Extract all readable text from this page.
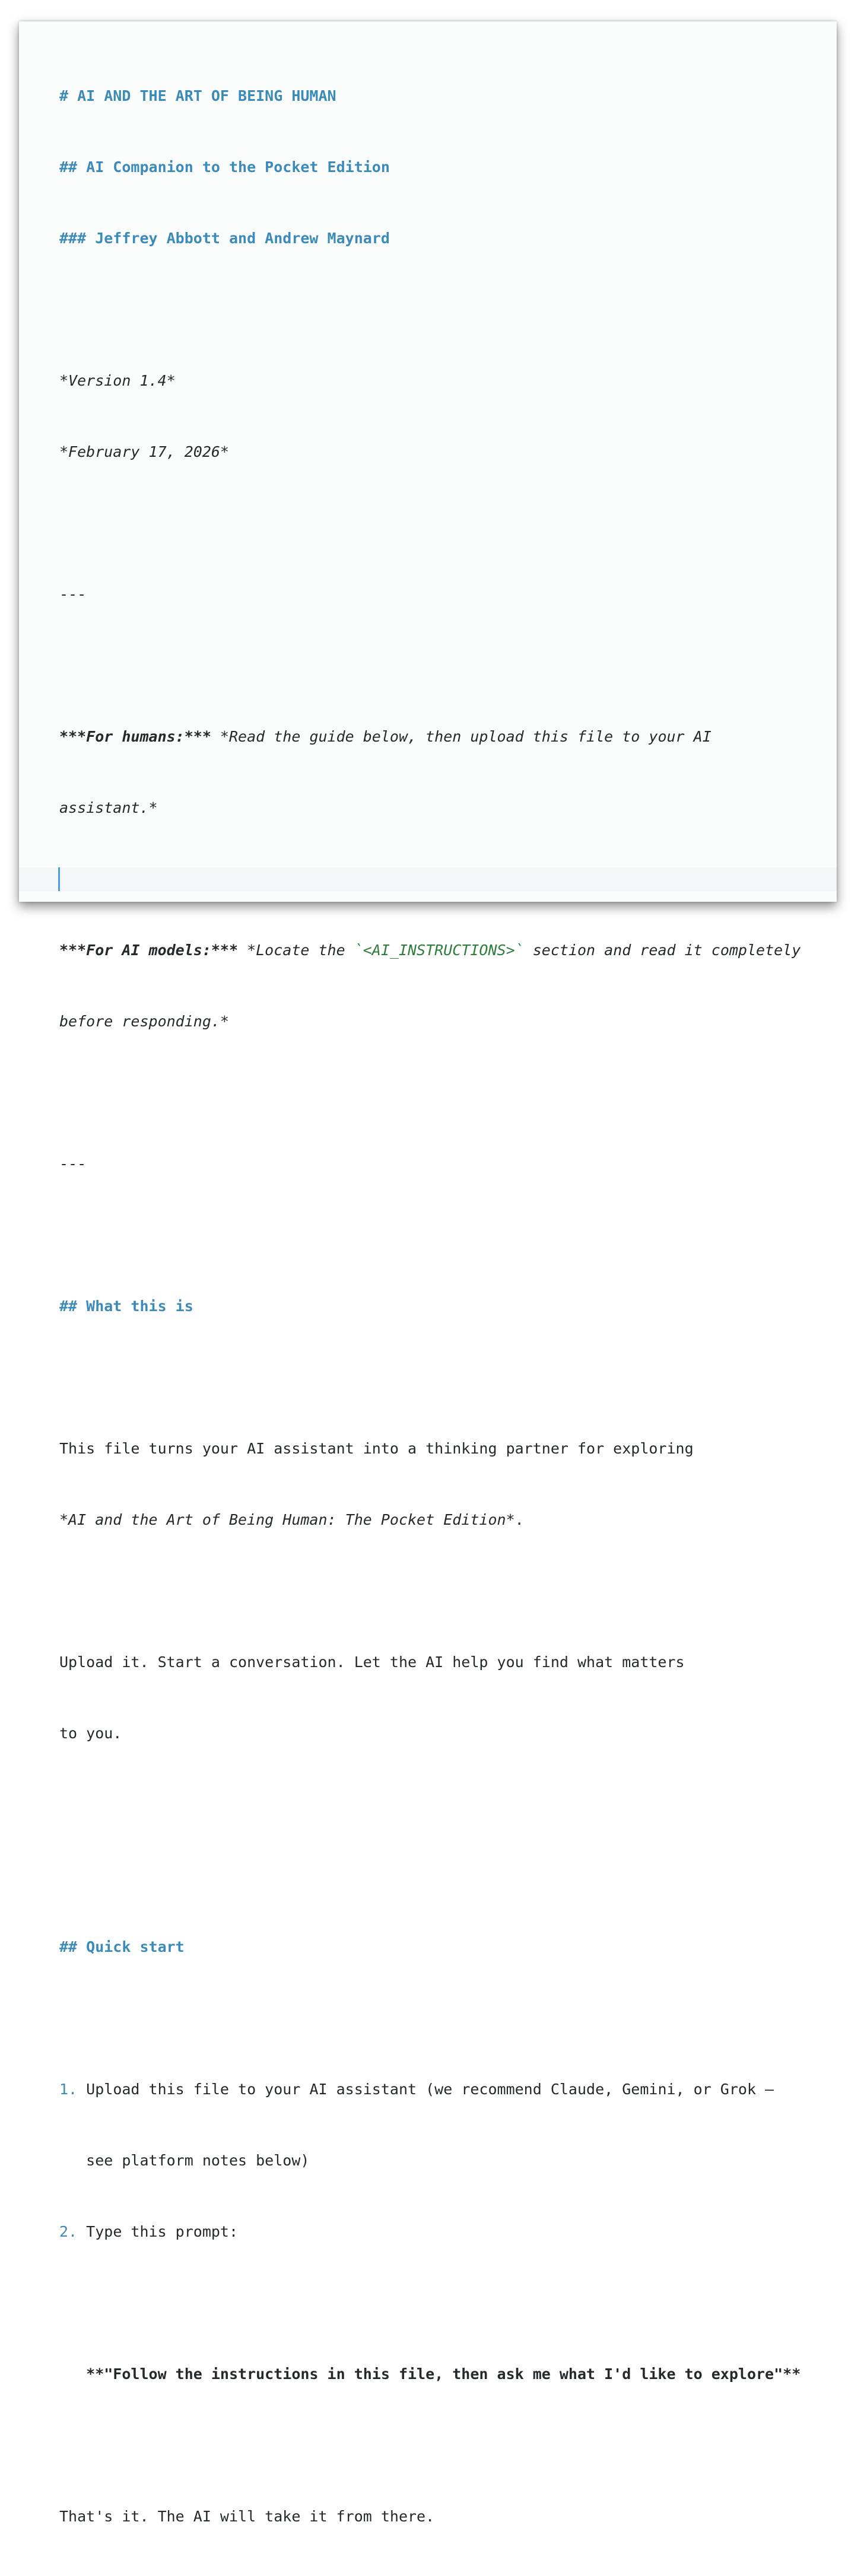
# AI AND THE ART OF BEING HUMAN

## AI Companion to the Pocket Edition

### Jeffrey Abbott and Andrew Maynard

*Version 1.4*

*February 17, 2026*

---

***For humans:*** *Read the guide below, then upload this file to your AI

assistant.*

***For AI models:*** *Locate the `<AI_INSTRUCTIONS>` section and read it completely

before responding.*

---

## What this is

This file turns your AI assistant into a thinking partner for exploring

*AI and the Art of Being Human: The Pocket Edition*.

Upload it. Start a conversation. Let the AI help you find what matters

to you.

## Quick start

1. Upload this file to your AI assistant (we recommend Claude, Gemini, or Grok —

see platform notes below)

2. Type this prompt:

**"Follow the instructions in this file, then ask me what I'd like to explore"**

That's it. The AI will take it from there.
